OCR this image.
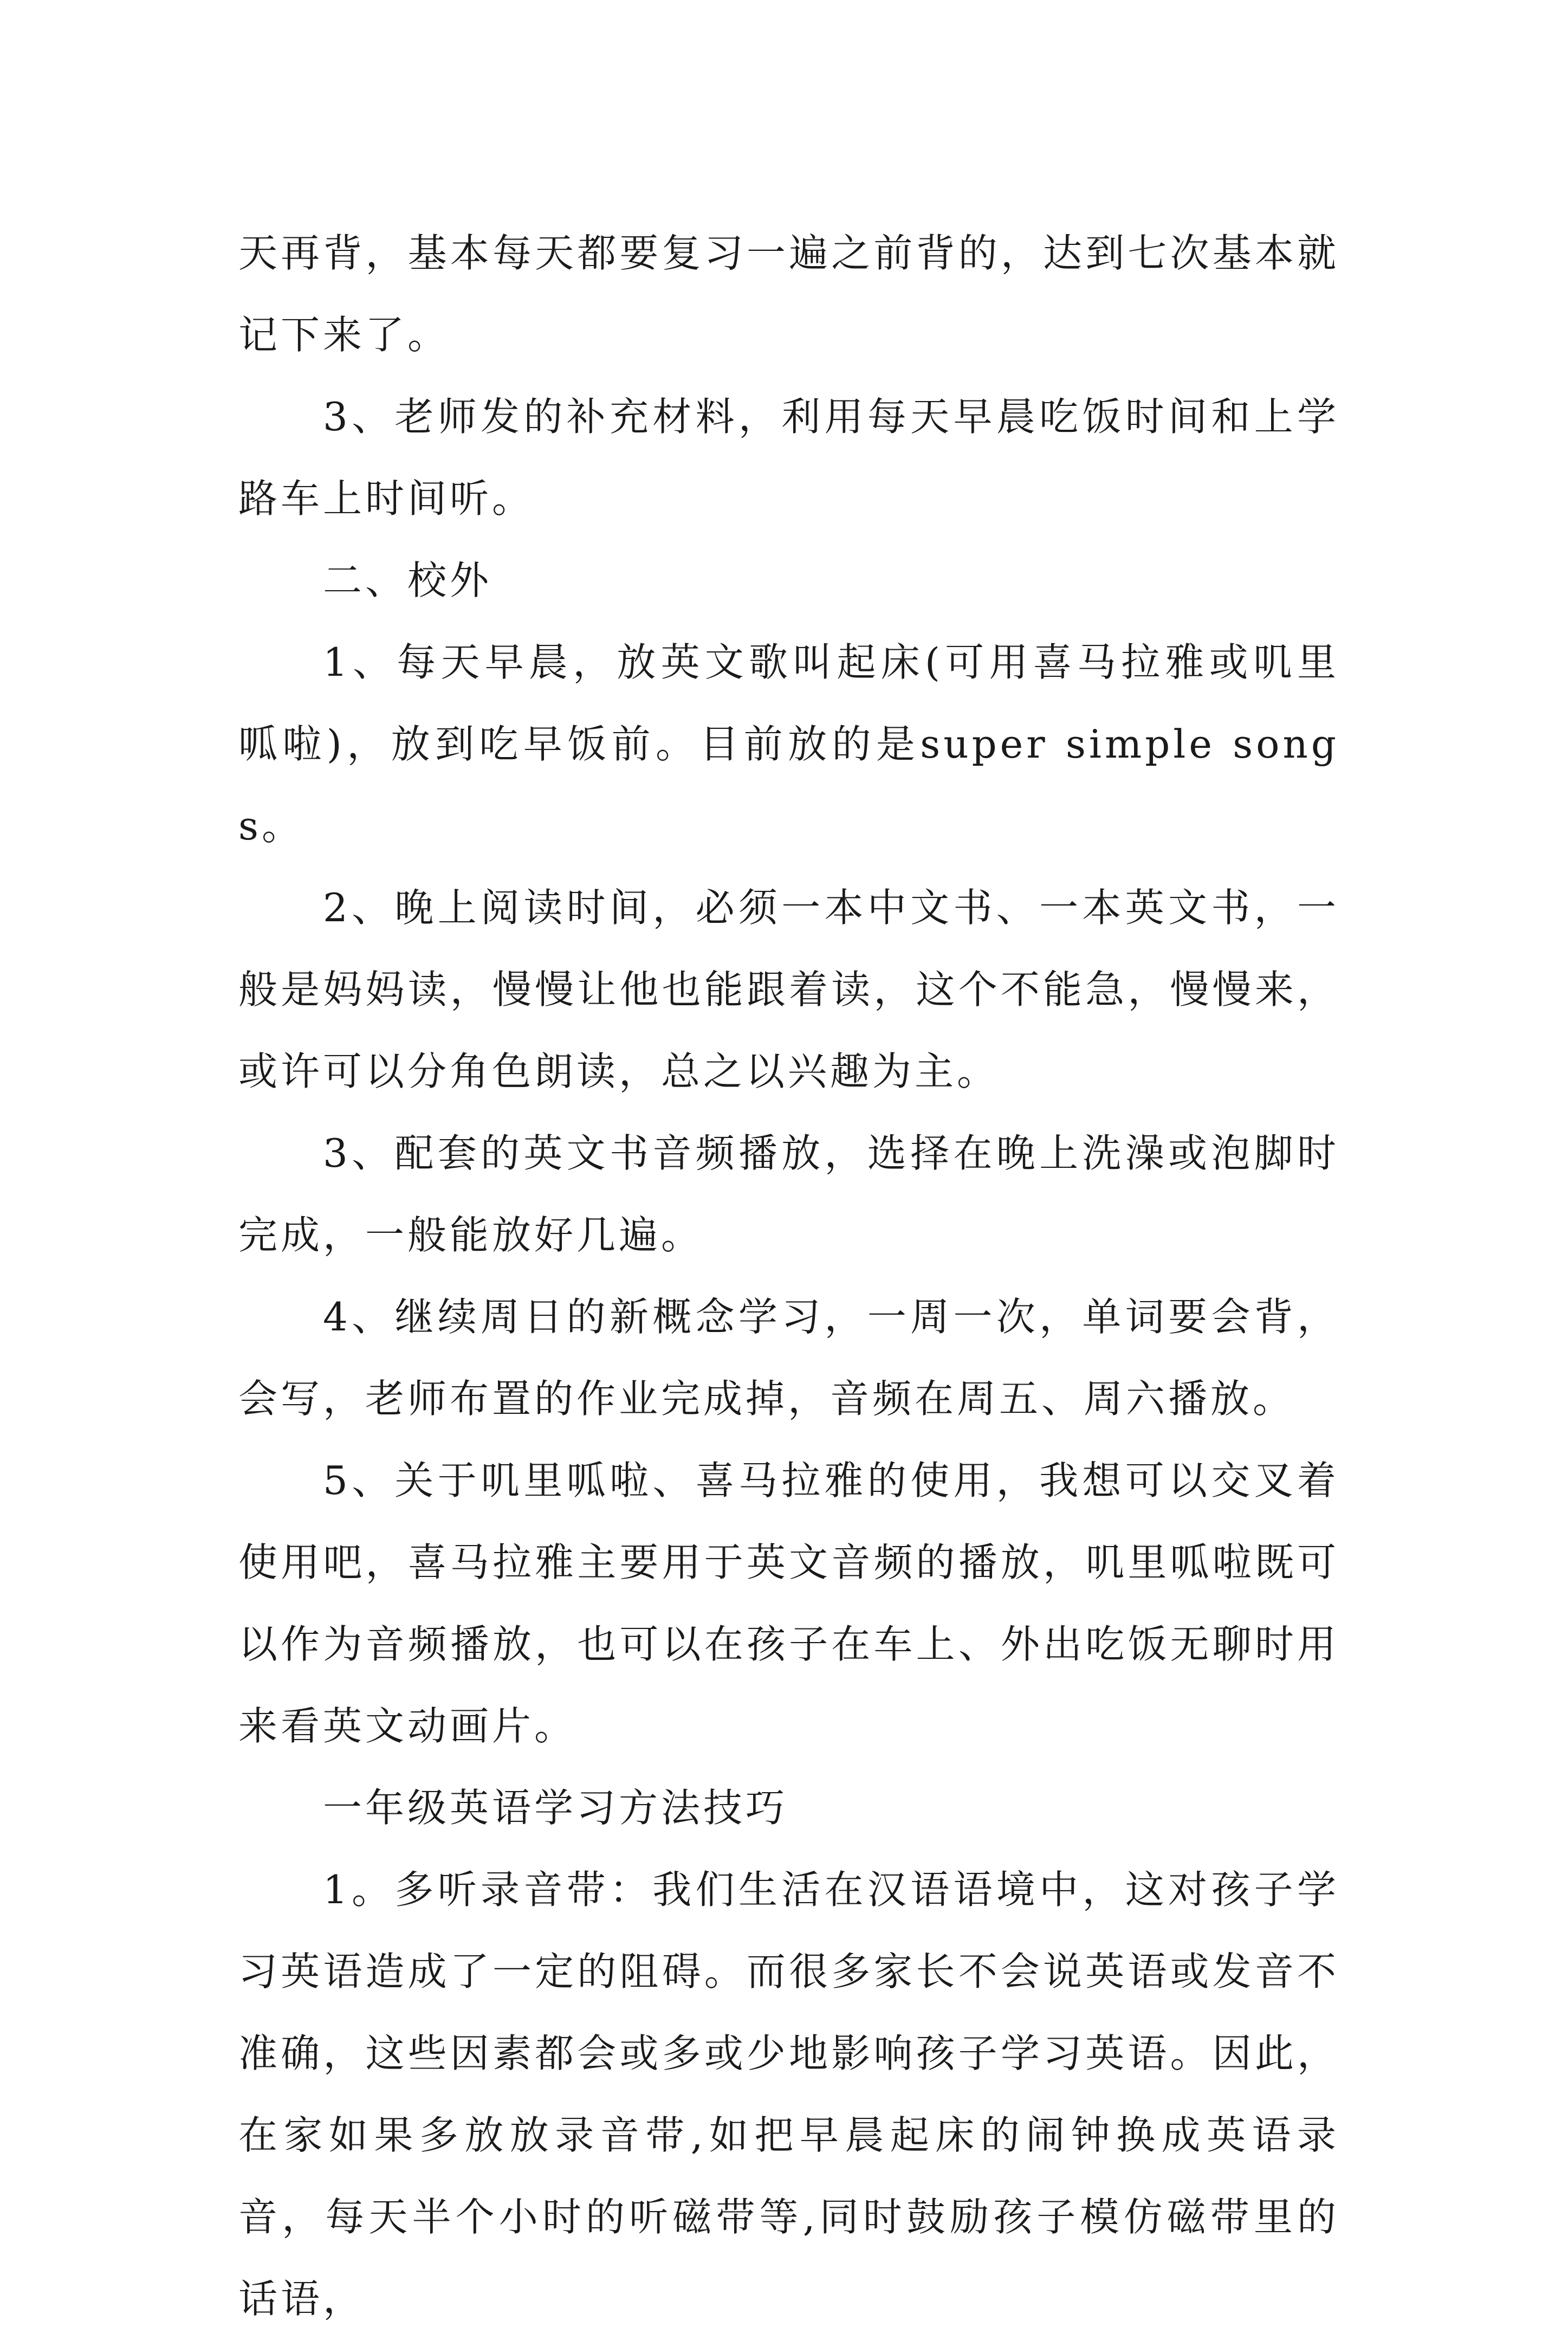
天再背，基本每天都要复习一遍之前背的，达到七次基本就记下来了。

3、老师发的补充材料，利用每天早晨吃饭时间和上学路车上时间听。

二、校外

1、每天早晨，放英文歌叫起床(可用喜马拉雅或叽里呱啦)，放到吃早饭前。目前放的是super simple songs。

2、晚上阅读时间，必须一本中文书、一本英文书，一般是妈妈读，慢慢让他也能跟着读，这个不能急，慢慢来，或许可以分角色朗读，总之以兴趣为主。

3、配套的英文书音频播放，选择在晚上洗澡或泡脚时完成，一般能放好几遍。

4、继续周日的新概念学习，一周一次，单词要会背，会写，老师布置的作业完成掉，音频在周五、周六播放。

5、关于叽里呱啦、喜马拉雅的使用，我想可以交叉着使用吧，喜马拉雅主要用于英文音频的播放，叽里呱啦既可以作为音频播放，也可以在孩子在车上、外出吃饭无聊时用来看英文动画片。

一年级英语学习方法技巧

1。多听录音带：我们生活在汉语语境中，这对孩子学习英语造成了一定的阻碍。而很多家长不会说英语或发音不准确，这些因素都会或多或少地影响孩子学习英语。因此，在家如果多放放录音带,如把早晨起床的闹钟换成英语录音，每天半个小时的听磁带等,同时鼓励孩子模仿磁带里的话语，
